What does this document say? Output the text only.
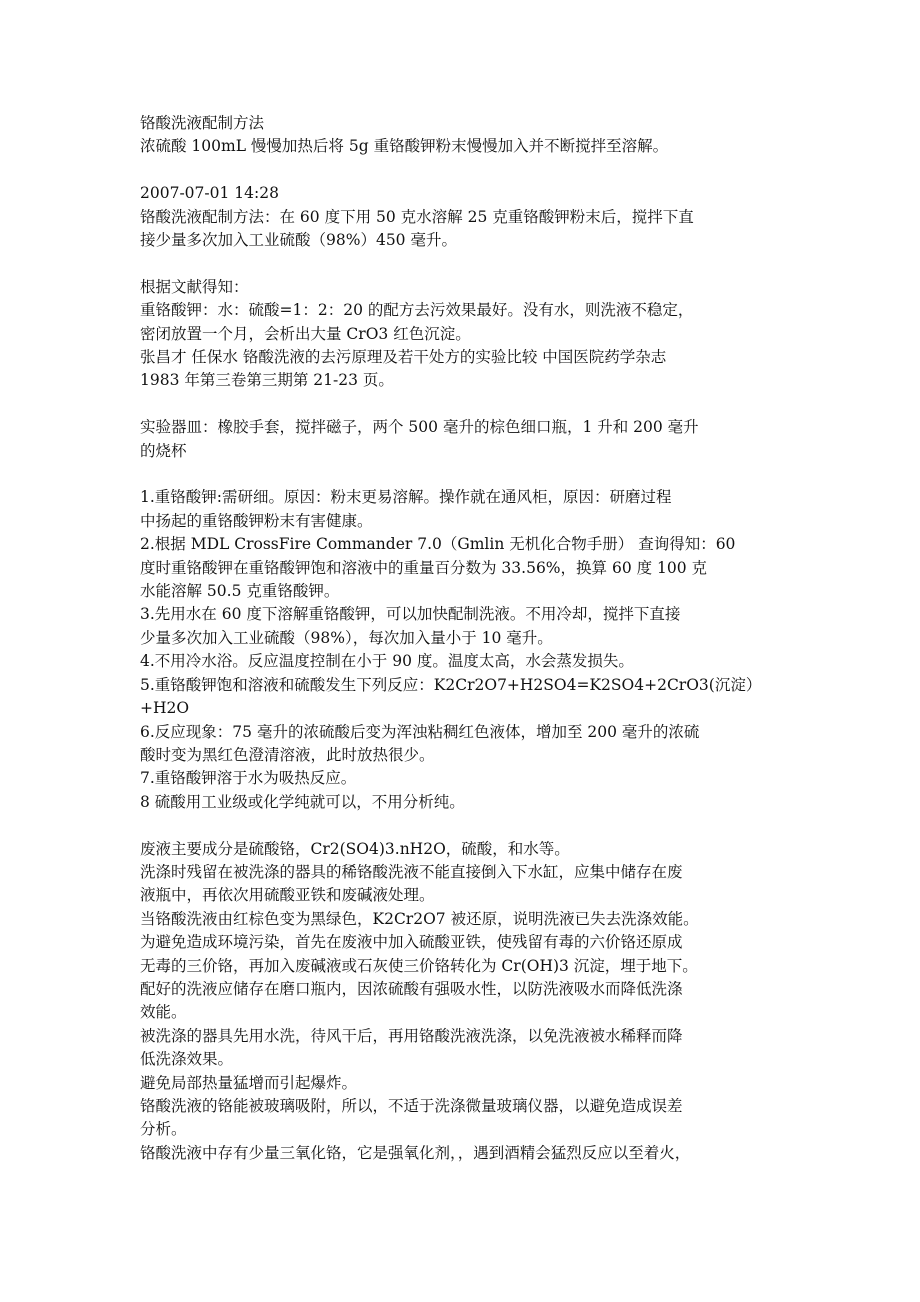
铬酸洗液配制方法
浓硫酸 100mL 慢慢加热后将 5g 重铬酸钾粉末慢慢加入并不断搅拌至溶解。
2007-07-01 14:28
铬酸洗液配制方法：在 60 度下用 50 克水溶解 25 克重铬酸钾粉末后，搅拌下直
接少量多次加入工业硫酸（98%）450 毫升。
根据文献得知：
重铬酸钾：水：硫酸=1：2：20 的配方去污效果最好。没有水，则洗液不稳定，
密闭放置一个月，会析出大量 CrO3 红色沉淀。
张昌才 任保水 铬酸洗液的去污原理及若干处方的实验比较 中国医院药学杂志
1983 年第三卷第三期第 21-23 页。
实验器皿：橡胶手套，搅拌磁子，两个 500 毫升的棕色细口瓶，1 升和 200 毫升
的烧杯
1.重铬酸钾:需研细。原因：粉末更易溶解。操作就在通风柜，原因：研磨过程
中扬起的重铬酸钾粉末有害健康。
2.根据 MDL CrossFire Commander 7.0（Gmlin 无机化合物手册） 查询得知：60
度时重铬酸钾在重铬酸钾饱和溶液中的重量百分数为 33.56%，换算 60 度 100 克
水能溶解 50.5 克重铬酸钾。
3.先用水在 60 度下溶解重铬酸钾，可以加快配制洗液。不用冷却，搅拌下直接
少量多次加入工业硫酸（98%），每次加入量小于 10 毫升。
4.不用冷水浴。反应温度控制在小于 90 度。温度太高，水会蒸发损失。
5.重铬酸钾饱和溶液和硫酸发生下列反应：K2Cr2O7+H2SO4=K2SO4+2CrO3(沉淀）
+H2O
6.反应现象：75 毫升的浓硫酸后变为浑浊粘稠红色液体，增加至 200 毫升的浓硫
酸时变为黑红色澄清溶液，此时放热很少。
7.重铬酸钾溶于水为吸热反应。
8 硫酸用工业级或化学纯就可以，不用分析纯。
废液主要成分是硫酸铬，Cr2(SO4)3.nH2O，硫酸，和水等。
洗涤时残留在被洗涤的器具的稀铬酸洗液不能直接倒入下水缸，应集中储存在废
液瓶中，再依次用硫酸亚铁和废碱液处理。
当铬酸洗液由红棕色变为黑绿色，K2Cr2O7 被还原，说明洗液已失去洗涤效能。
为避免造成环境污染，首先在废液中加入硫酸亚铁，使残留有毒的六价铬还原成
无毒的三价铬，再加入废碱液或石灰使三价铬转化为 Cr(OH)3 沉淀，埋于地下。
配好的洗液应储存在磨口瓶内，因浓硫酸有强吸水性，以防洗液吸水而降低洗涤
效能。
被洗涤的器具先用水洗，待风干后，再用铬酸洗液洗涤，以免洗液被水稀释而降
低洗涤效果。
避免局部热量猛增而引起爆炸。
铬酸洗液的铬能被玻璃吸附，所以，不适于洗涤微量玻璃仪器，以避免造成误差
分析。
铬酸洗液中存有少量三氧化铬，它是强氧化剂，，遇到酒精会猛烈反应以至着火，
